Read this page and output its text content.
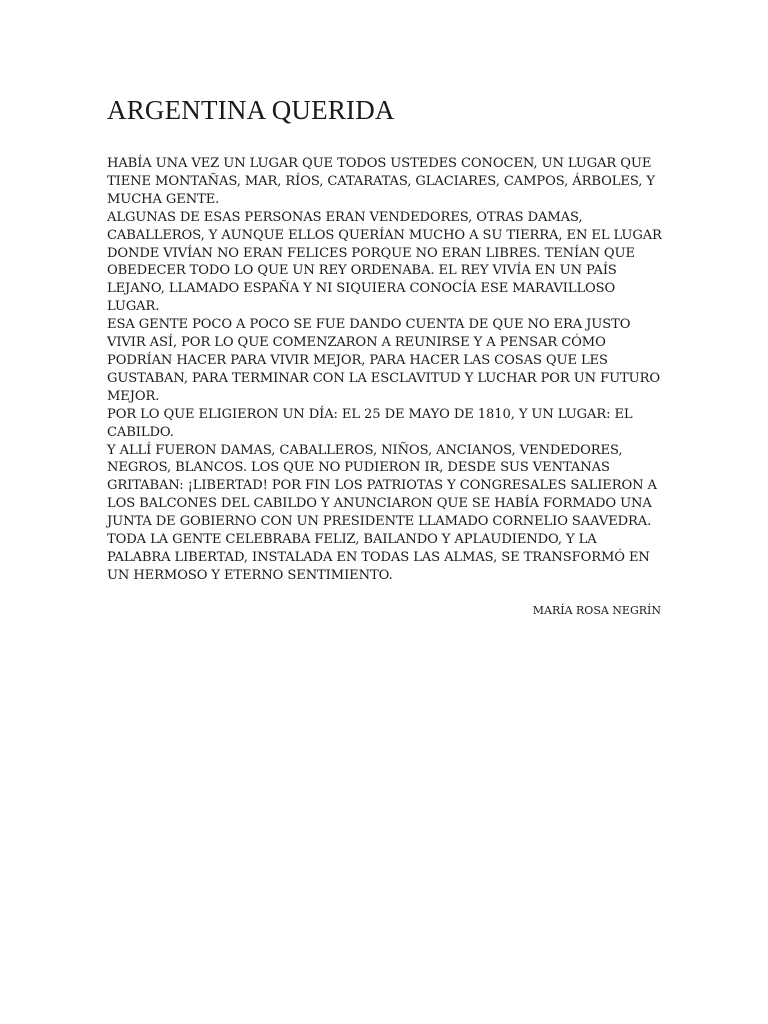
ARGENTINA QUERIDA

HABÍA UNA VEZ UN LUGAR QUE TODOS USTEDES CONOCEN, UN LUGAR QUE TIENE MONTAÑAS, MAR, RÍOS, CATARATAS, GLACIARES, CAMPOS, ÁRBOLES, Y MUCHA GENTE.

ALGUNAS DE ESAS PERSONAS ERAN VENDEDORES, OTRAS DAMAS, CABALLEROS, Y AUNQUE ELLOS QUERÍAN MUCHO A SU TIERRA, EN EL LUGAR DONDE VIVÍAN NO ERAN FELICES PORQUE NO ERAN LIBRES. TENÍAN QUE OBEDECER TODO LO QUE UN REY ORDENABA. EL REY VIVÍA EN UN PAÍS LEJANO, LLAMADO ESPAÑA Y NI SIQUIERA CONOCÍA ESE MARAVILLOSO LUGAR.

ESA GENTE POCO A POCO SE FUE DANDO CUENTA DE QUE NO ERA JUSTO VIVIR ASÍ, POR LO QUE COMENZARON A REUNIRSE Y A PENSAR CÓMO PODRÍAN HACER PARA VIVIR MEJOR, PARA HACER LAS COSAS QUE LES GUSTABAN, PARA TERMINAR CON LA ESCLAVITUD Y LUCHAR POR UN FUTURO MEJOR.

POR LO QUE ELIGIERON UN DÍA: EL 25 DE MAYO DE 1810, Y UN LUGAR: EL CABILDO.

Y ALLÍ FUERON DAMAS, CABALLEROS, NIÑOS, ANCIANOS, VENDEDORES, NEGROS, BLANCOS. LOS QUE NO PUDIERON IR, DESDE SUS VENTANAS GRITABAN: ¡LIBERTAD! POR FIN LOS PATRIOTAS Y CONGRESALES SALIERON A LOS BALCONES DEL CABILDO Y ANUNCIARON QUE SE HABÍA FORMADO UNA JUNTA DE GOBIERNO CON UN PRESIDENTE LLAMADO CORNELIO SAAVEDRA.

TODA LA GENTE CELEBRABA FELIZ, BAILANDO Y APLAUDIENDO, Y LA PALABRA LIBERTAD, INSTALADA EN TODAS LAS ALMAS, SE TRANSFORMÓ EN UN HERMOSO Y ETERNO SENTIMIENTO.

MARÍA ROSA NEGRÍN
